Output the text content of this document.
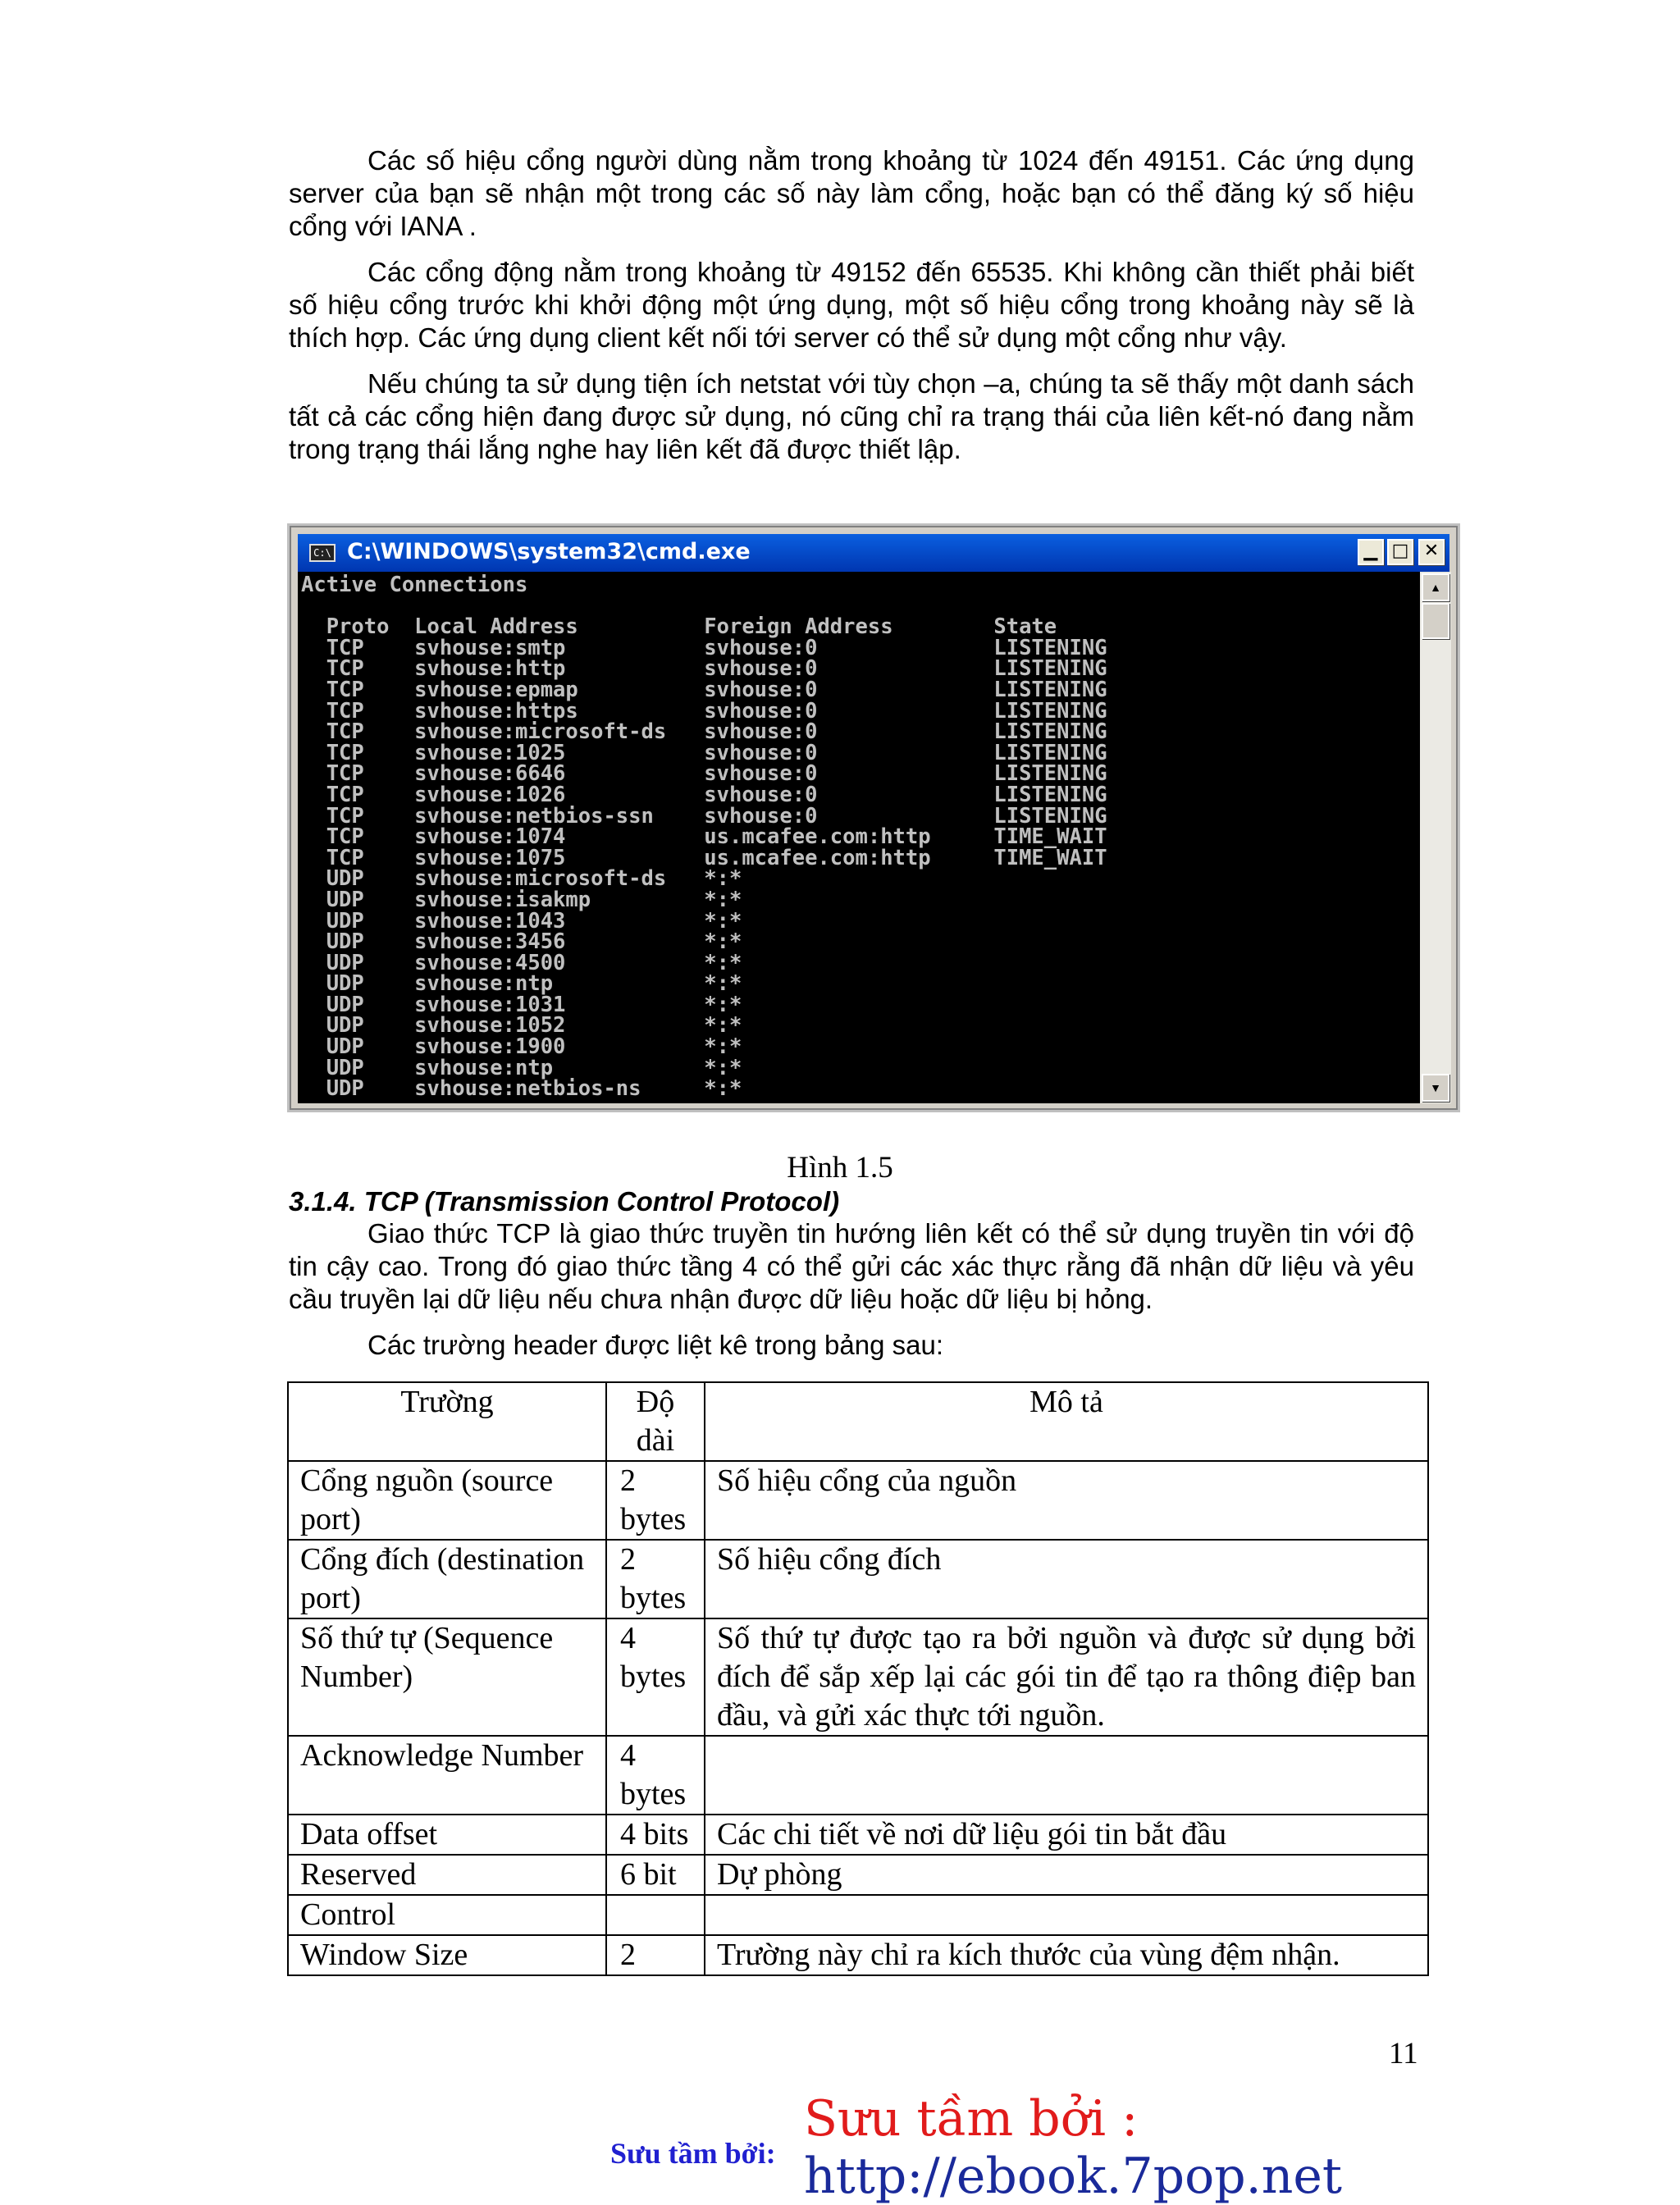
Các số hiệu cổng người dùng nằm trong khoảng từ 1024 đến 49151. Các ứng dụng server của bạn sẽ nhận một trong các số này làm cổng, hoặc bạn có thể đăng ký số hiệu cổng với IANA .

Các cổng động nằm trong khoảng từ 49152 đến 65535. Khi không cần thiết phải biết số hiệu cổng trước khi khởi động một ứng dụng, một số hiệu cổng trong khoảng này sẽ là thích hợp. Các ứng dụng client kết nối tới server có thể sử dụng một cổng như vậy.

Nếu chúng ta sử dụng tiện ích netstat với tùy chọn –a, chúng ta sẽ thấy một danh sách tất cả các cổng hiện đang được sử dụng, nó cũng chỉ ra trạng thái của liên kết-nó đang nằm trong trạng thái lắng nghe hay liên kết đã được thiết lập.

C:\ C:\WINDOWS\system32\cmd.exe	▁ □ ✕
Active Connections

Proto  Local Address          Foreign Address        State
TCP    svhouse:smtp           svhouse:0              LISTENING
TCP    svhouse:http           svhouse:0              LISTENING
TCP    svhouse:epmap          svhouse:0              LISTENING
TCP    svhouse:https          svhouse:0              LISTENING
TCP    svhouse:microsoft-ds   svhouse:0              LISTENING
TCP    svhouse:1025           svhouse:0              LISTENING
TCP    svhouse:6646           svhouse:0              LISTENING
TCP    svhouse:1026           svhouse:0              LISTENING
TCP    svhouse:netbios-ssn    svhouse:0              LISTENING
TCP    svhouse:1074           us.mcafee.com:http     TIME_WAIT
TCP    svhouse:1075           us.mcafee.com:http     TIME_WAIT
UDP    svhouse:microsoft-ds   *:*
UDP    svhouse:isakmp         *:*
UDP    svhouse:1043           *:*
UDP    svhouse:3456           *:*
UDP    svhouse:4500           *:*
UDP    svhouse:ntp            *:*
UDP    svhouse:1031           *:*
UDP    svhouse:1052           *:*
UDP    svhouse:1900           *:*
UDP    svhouse:ntp            *:*
UDP    svhouse:netbios-ns     *:*
▲
▼
Hình 1.5
3.1.4. TCP (Transmission Control Protocol)

Giao thức TCP là giao thức truyền tin hướng liên kết có thể sử dụng truyền tin với độ tin cậy cao. Trong đó giao thức tầng 4 có thể gửi các xác thực rằng đã nhận dữ liệu và yêu cầu truyền lại dữ liệu nếu chưa nhận được dữ liệu hoặc dữ liệu bị hỏng.

Các trường header được liệt kê trong bảng sau:

Trường	Độ dài	Mô tả
Cổng nguồn (source port)	2 bytes	Số hiệu cổng của nguồn
Cổng đích (destination port)	2 bytes	Số hiệu cổng đích
Số thứ tự (Sequence Number)	4 bytes	Số thứ tự được tạo ra bởi nguồn và được sử dụng bởi đích để sắp xếp lại các gói tin để tạo ra thông điệp ban đầu, và gửi xác thực tới nguồn.
Acknowledge Number	4 bytes	
Data offset	4 bits	Các chi tiết về nơi dữ liệu gói tin bắt đầu
Reserved	6 bit	Dự phòng
Control		
Window Size	2	Trường này chỉ ra kích thước của vùng đệm nhận.
11
Sưu tầm bởi : http://ebook.7pop.net
Sưu tầm bởi:
